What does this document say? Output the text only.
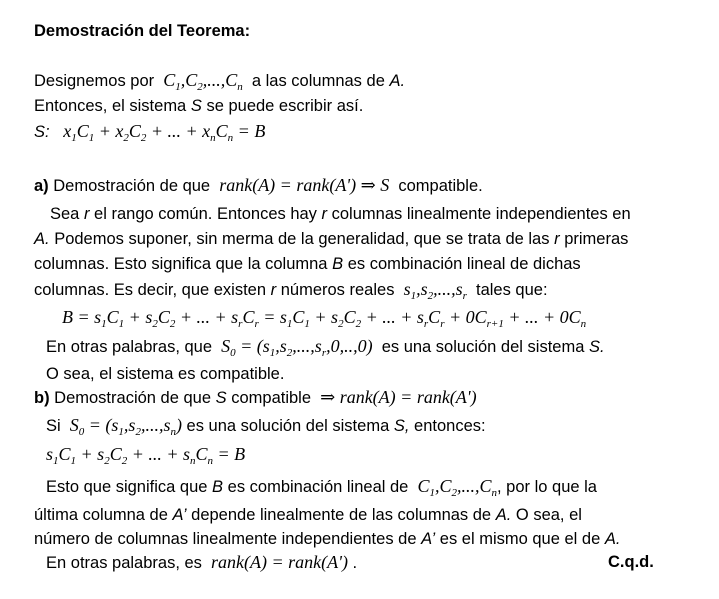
Demostración del Teorema:
Designemos por  $C_1,C_2,...,C_n$ a las columnas de A.
Entonces, el sistema S se puede escribir así.
S:   $x_1C_1 + x_2C_2$ + ... + $x_nC_n = B$
a) Demostración de que  rank(A) = rank(A') ⇒ S  compatible.
Sea r el rango común. Entonces hay r columnas linealmente independientes en
A. Podemos suponer, sin merma de la generalidad, que se trata de las r primeras
columnas. Esto significa que la columna B es combinación lineal de dichas
columnas. Es decir, que existen r números reales  $s_1,s_2,...,s_r$ tales que:
$B = s_1C_1 + s_2C_2$ + ... + $s_rC_r = s_1C_1 + s_2C_2$ + ... + $s_rC_r + 0C_{r+1}$ + ... + $0C_n$
En otras palabras, que  $S_0 = (s_1,s_2,...,s_r,0,..,0)$  es una solución del sistema S.
O sea, el sistema es compatible.
b) Demostración de que S compatible  ⇒ rank(A) = rank(A')
Si  $S_0 = (s_1,s_2,...,s_n)$ es una solución del sistema S, entonces:
$s_1C_1 + s_2C_2$ + ... + $s_nC_n = B$
Esto que significa que B es combinación lineal de  $C_1,C_2,...,C_n$, por lo que la
última columna de A’ depende linealmente de las columnas de A. O sea, el
número de columnas linealmente independientes de A’ es el mismo que el de A.
En otras palabras, es  rank(A) = rank(A') .	C.q.d.
